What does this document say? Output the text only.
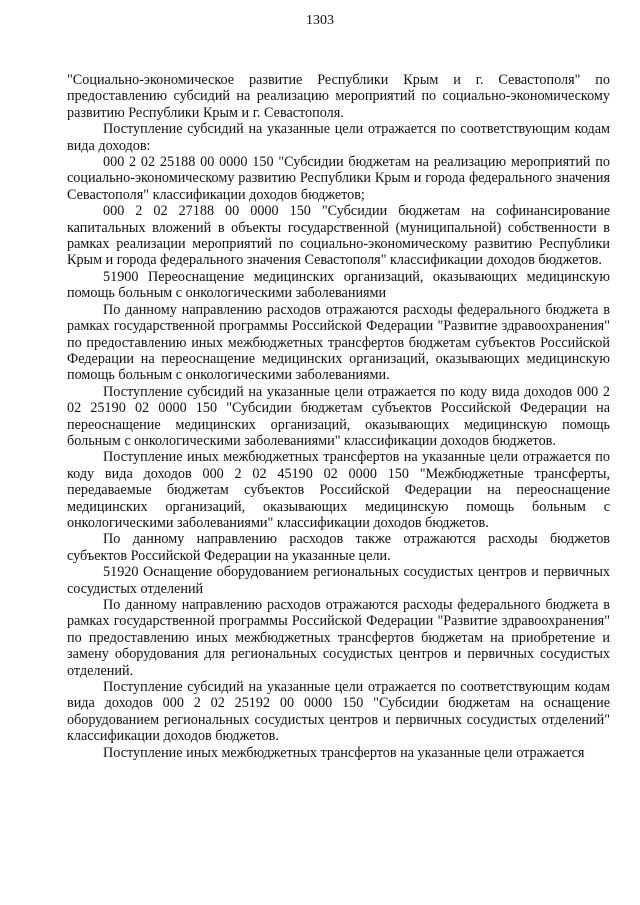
1303

"Социально-экономическое развитие Республики Крым и г. Севастополя" по предоставлению субсидий на реализацию мероприятий по социально-экономическому развитию Республики Крым и г. Севастополя.

Поступление субсидий на указанные цели отражается по соответствующим кодам вида доходов:

000 2 02 25188 00 0000 150 "Субсидии бюджетам на реализацию мероприятий по социально-экономическому развитию Республики Крым и города федерального значения Севастополя" классификации доходов бюджетов;

000 2 02 27188 00 0000 150 "Субсидии бюджетам на софинансирование капитальных вложений в объекты государственной (муниципальной) собственности в рамках реализации мероприятий по социально-экономическому развитию Республики Крым и города федерального значения Севастополя" классификации доходов бюджетов.

51900 Переоснащение медицинских организаций, оказывающих медицинскую помощь больным с онкологическими заболеваниями

По данному направлению расходов отражаются расходы федерального бюджета в рамках государственной программы Российской Федерации "Развитие здравоохранения" по предоставлению иных межбюджетных трансфертов бюджетам субъектов Российской Федерации на переоснащение медицинских организаций, оказывающих медицинскую помощь больным с онкологическими заболеваниями.

Поступление субсидий на указанные цели отражается по коду вида доходов 000 2 02 25190 02 0000 150 "Субсидии бюджетам субъектов Российской Федерации на переоснащение медицинских организаций, оказывающих медицинскую помощь больным с онкологическими заболеваниями" классификации доходов бюджетов.

Поступление иных межбюджетных трансфертов на указанные цели отражается по коду вида доходов 000 2 02 45190 02 0000 150 "Межбюджетные трансферты, передаваемые бюджетам субъектов Российской Федерации на переоснащение медицинских организаций, оказывающих медицинскую помощь больным с онкологическими заболеваниями" классификации доходов бюджетов.

По данному направлению расходов также отражаются расходы бюджетов субъектов Российской Федерации на указанные цели.

51920 Оснащение оборудованием региональных сосудистых центров и первичных сосудистых отделений

По данному направлению расходов отражаются расходы федерального бюджета в рамках государственной программы Российской Федерации "Развитие здравоохранения" по предоставлению иных межбюджетных трансфертов бюджетам на приобретение и замену оборудования для региональных сосудистых центров и первичных сосудистых отделений.

Поступление субсидий на указанные цели отражается по соответствующим кодам вида доходов 000 2 02 25192 00 0000 150 "Субсидии бюджетам на оснащение оборудованием региональных сосудистых центров и первичных сосудистых отделений" классификации доходов бюджетов.

Поступление иных межбюджетных трансфертов на указанные цели отражается
